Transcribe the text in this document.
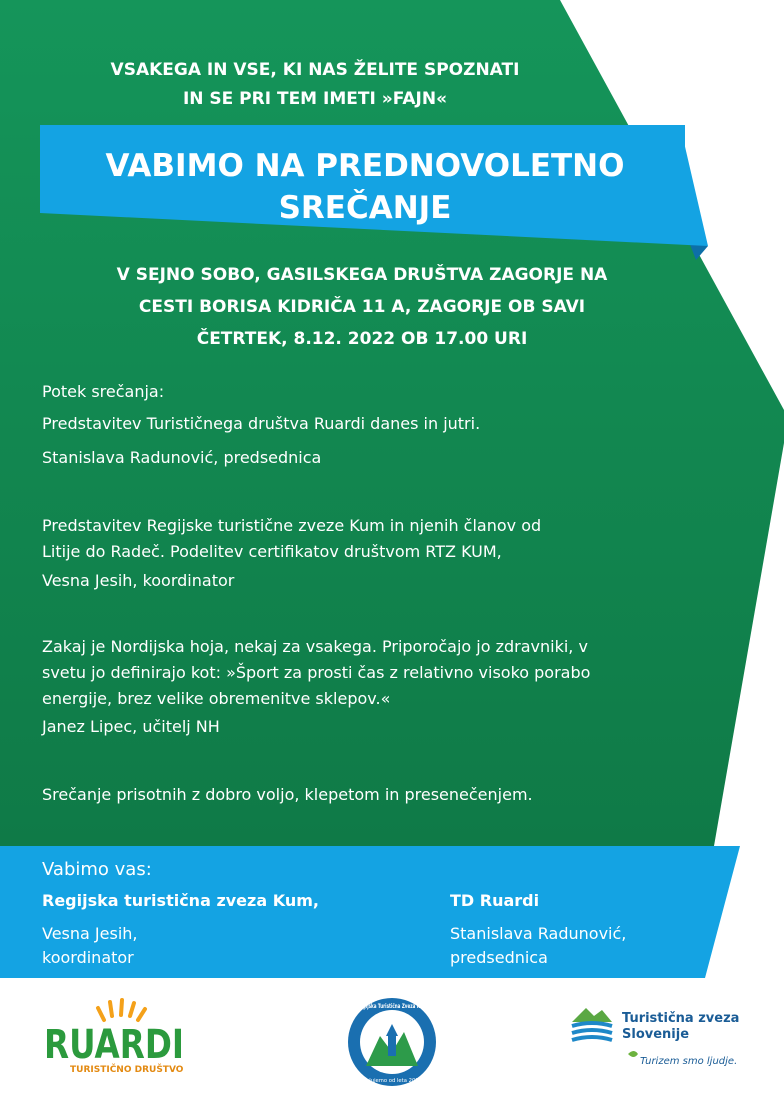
VSAKEGA IN VSE, KI NAS ŽELITE SPOZNATI
IN SE PRI TEM IMETI »FAJN«
VABIMO NA PREDNOVOLETNO
SREČANJE
V SEJNO SOBO, GASILSKEGA DRUŠTVA ZAGORJE NA
CESTI BORISA KIDRIČA 11 A, ZAGORJE OB SAVI
ČETRTEK, 8.12. 2022 OB 17.00 URI
Potek srečanja:
Predstavitev Turističnega društva Ruardi danes in jutri.
Stanislava Radunović, predsednica
Predstavitev Regijske turistične zveze Kum in njenih članov od
Litije do Radeč. Podelitev certifikatov društvom RTZ KUM,
Vesna Jesih, koordinator
Zakaj je Nordijska hoja, nekaj za vsakega. Priporočajo jo zdravniki, v
svetu jo definirajo kot: »Šport za prosti čas z relativno visoko porabo
energije, brez velike obremenitve sklepov.«
Janez Lipec, učitelj NH
Srečanje prisotnih z dobro voljo, klepetom in presenečenjem.
Vabimo vas:
Regijska turistična zveza Kum,
Vesna Jesih,
koordinator
TD Ruardi
Stanislava Radunović,
predsednica
RUARDI
TURISTIČNO DRUŠTVO
Regijska Turistična Zveza Kum
Delujemo od leta 2018
Turistična zveza
Slovenije
Turizem smo ljudje.
